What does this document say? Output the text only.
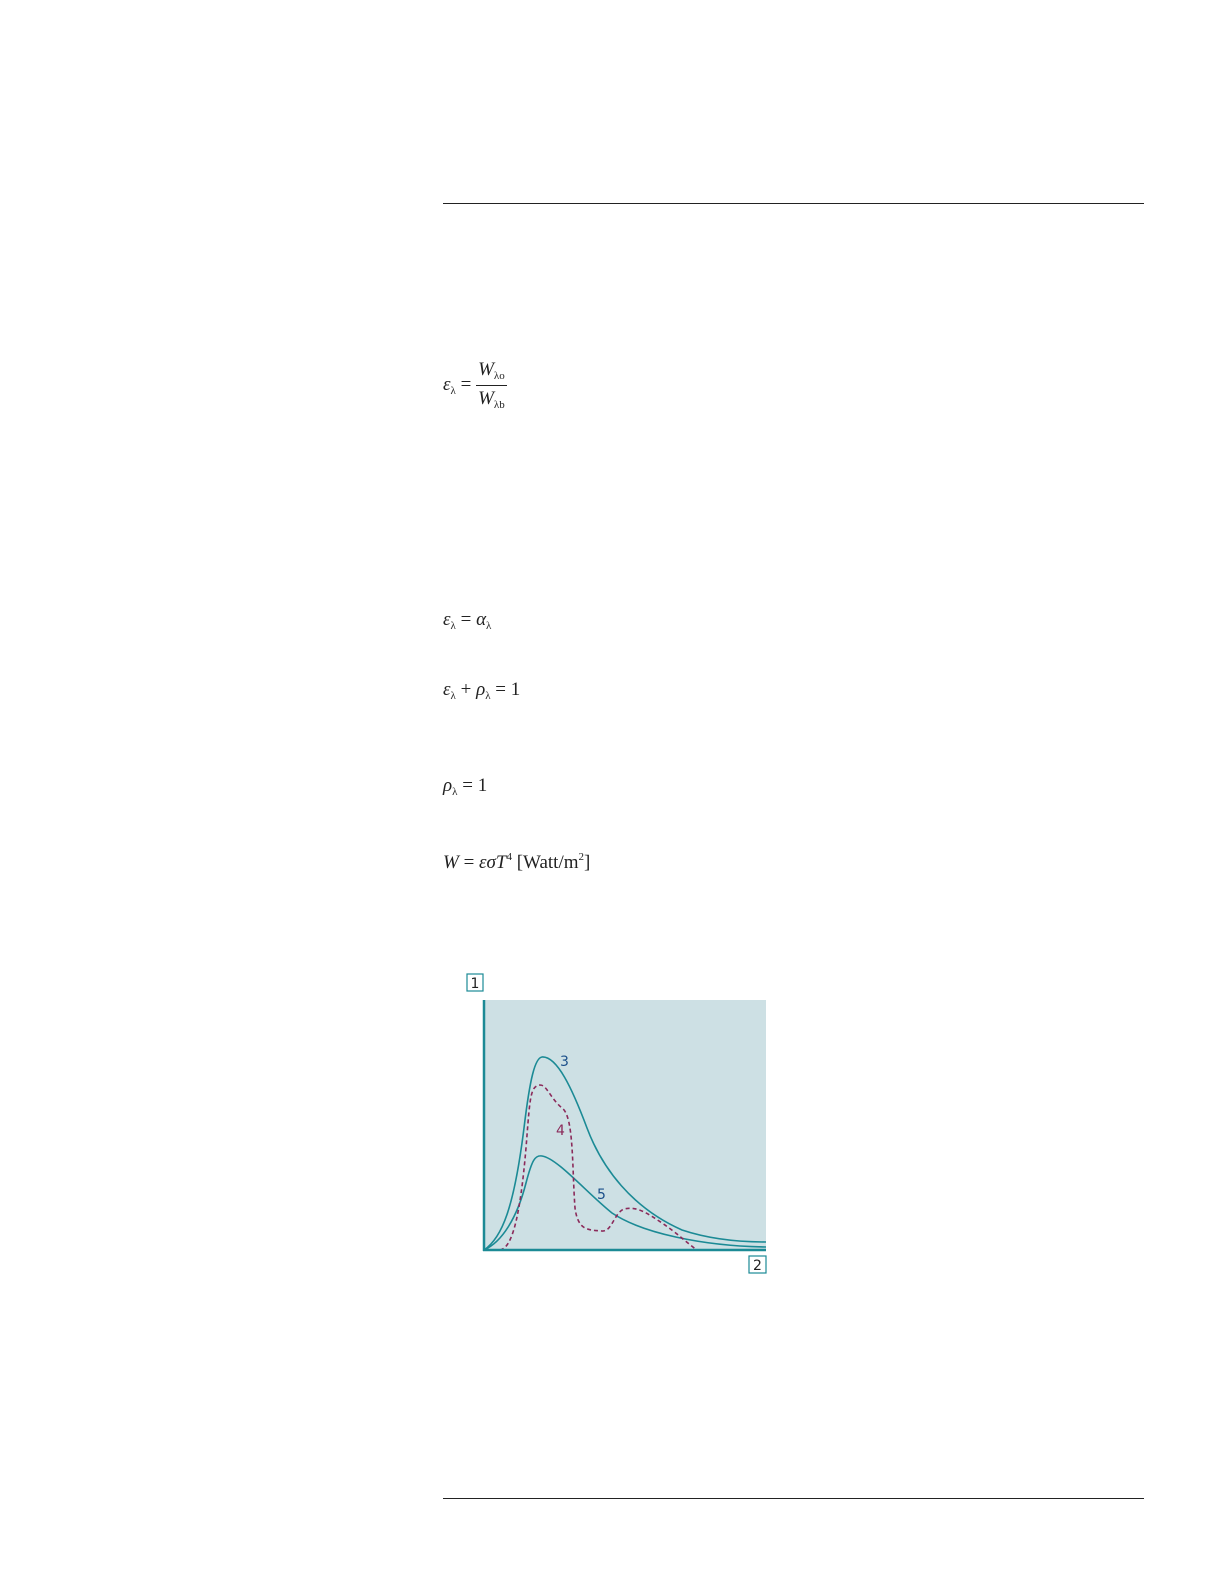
$\varepsilon_\lambda = \frac{W_{\lambda o}}{W_{\lambda b}}$
$\varepsilon_\lambda = \alpha_\lambda$
$\varepsilon_\lambda + \rho_\lambda = 1$
$\rho_\lambda = 1$
W = εσT$^4$ $[Watt/m^2]$
1
2
3
4
5
